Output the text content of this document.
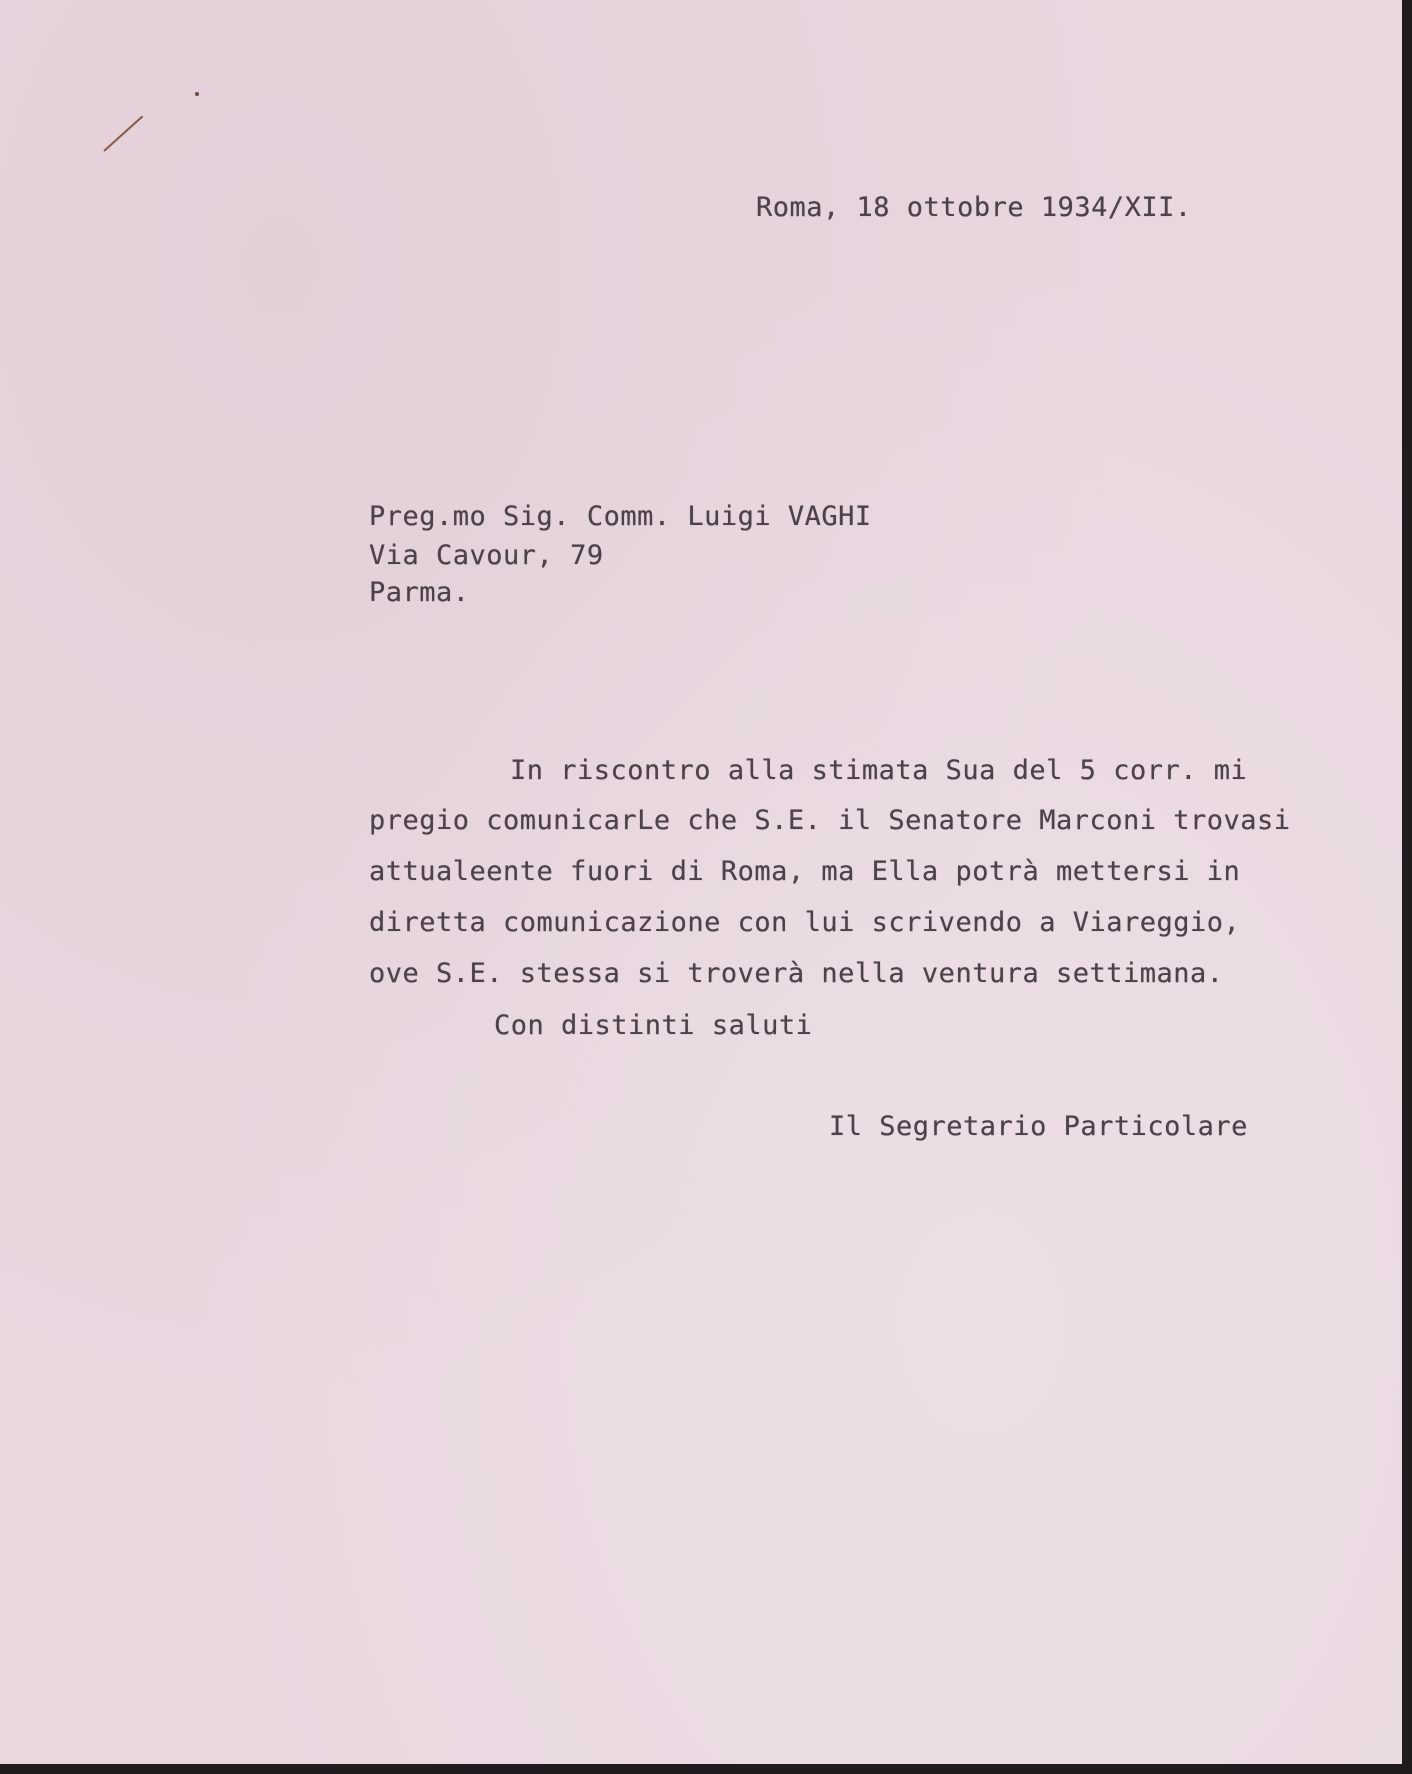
Roma, 18 ottobre 1934/XII.
Preg.mo Sig. Comm. Luigi VAGHI
Via Cavour, 79
Parma.
In riscontro alla stimata Sua del 5 corr. mi
pregio comunicarLe che S.E. il Senatore Marconi trovasi
attualeente fuori di Roma, ma Ella potrà mettersi in
diretta comunicazione con lui scrivendo a Viareggio,
ove S.E. stessa si troverà nella ventura settimana.
Con distinti saluti
Il Segretario Particolare
